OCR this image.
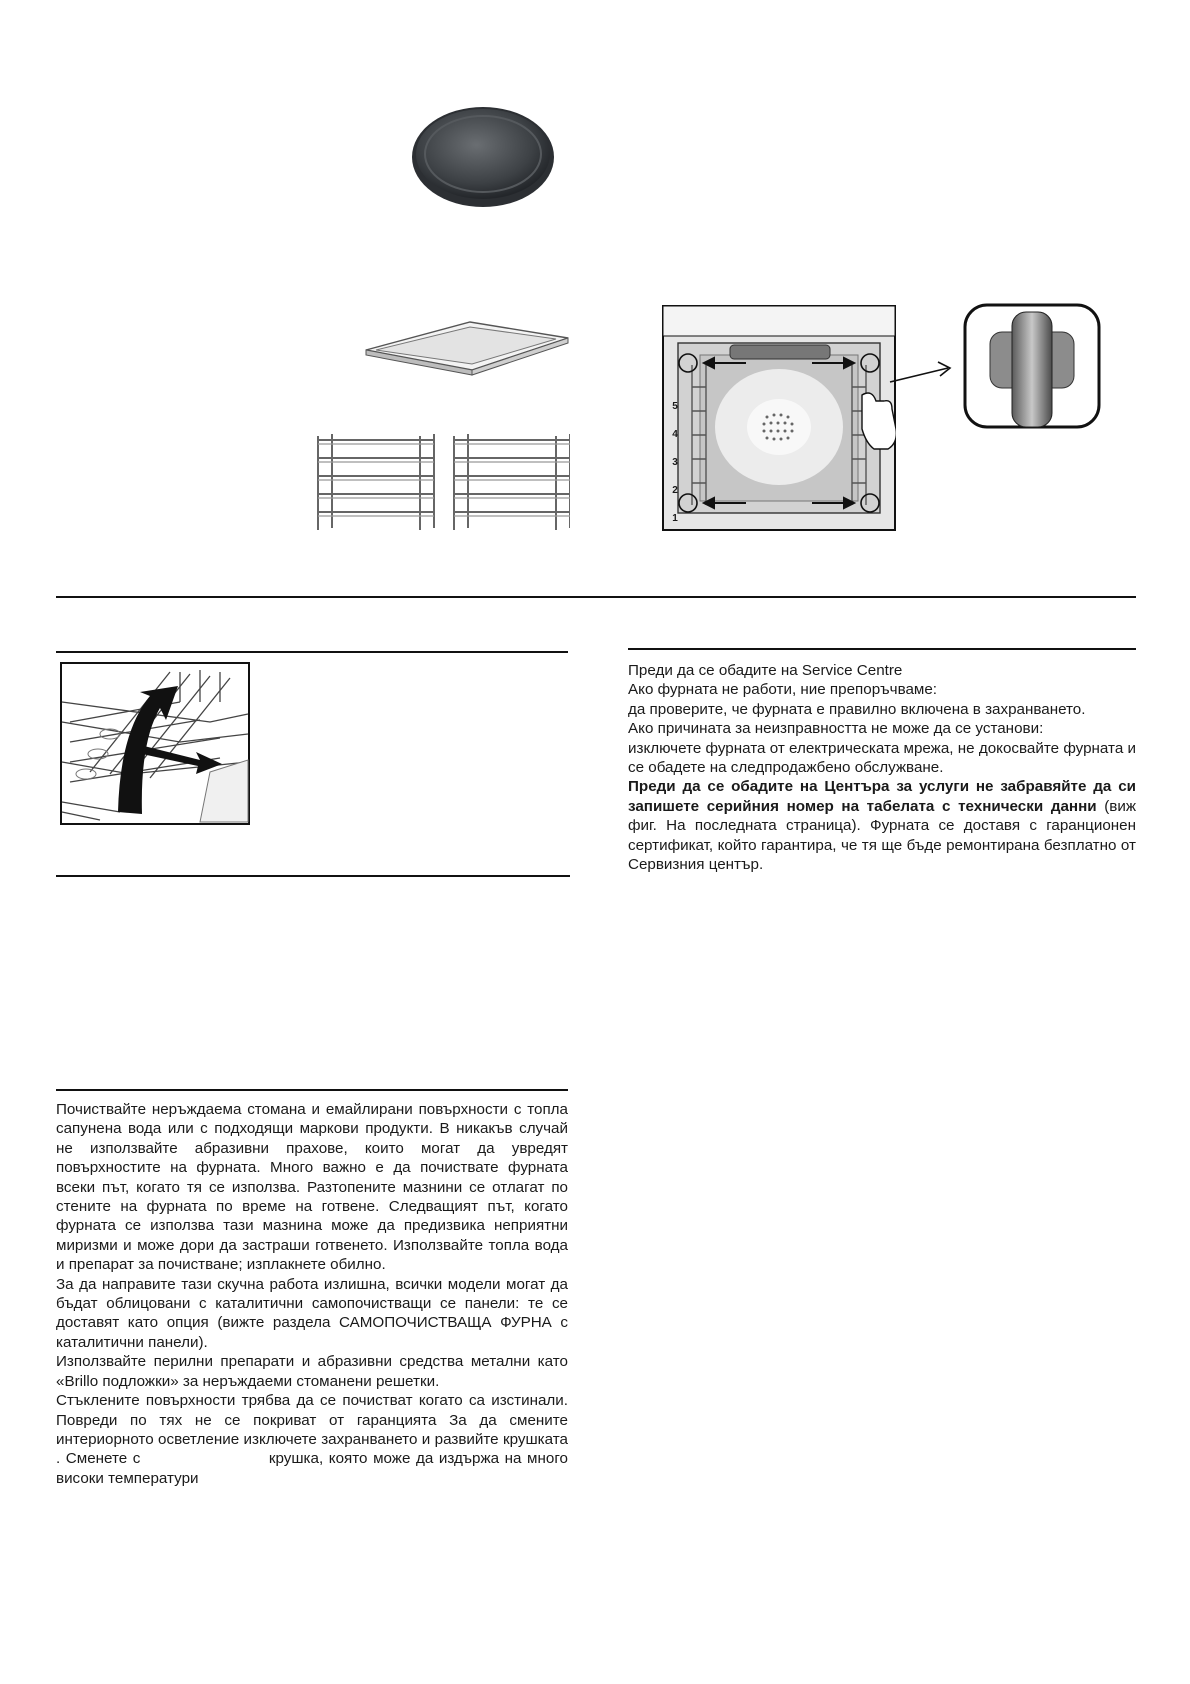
5
4
3
2
1

Преди да се обадите на Service Centre

Ако фурната не работи, ние препоръчваме:

да проверите, че фурната е правилно включена в захранването.

Ако причината за неизправността не може да се установи:

изключете фурната от електрическата мрежа, не докосвайте фурната и се обадете на следпродажбено обслужване.

Преди да се обадите на Центъра за услуги не забравяйте да си запишете серийния номер на табелата с технически данни (виж фиг. На последната страница). Фурната се доставя с гаранционен сертификат, който гарантира, че тя ще бъде ремонтирана безплатно от Сервизния център.

Почиствайте неръждаема стомана и емайлирани повърхности с топла сапунена вода или с подходящи маркови продукти. В никакъв случай не използвайте абразивни прахове, които могат да увредят повърхностите на фурната. Много важно е да почиствате фурната всеки път, когато тя се използва. Разтопените мазнини се отлагат по стените на фурната по време на готвене. Следващият път, когато фурната се използва тази мазнина може да предизвика неприятни миризми и може дори да застраши готвенето. Използвайте топла вода и препарат за почистване; изплакнете обилно.

За да направите тази скучна работа излишна, всички модели могат да бъдат облицовани с каталитични самопочистващи се панели: те се доставят като опция (вижте раздела САМОПОЧИСТВАЩА ФУРНА с каталитични панели).

Използвайте перилни препарати и абразивни средства метални като «Brillo подложки» за неръждаеми стоманени решетки.

Стъклените повърхности трябва да се почистват когато са изстинали. Повреди по тях не се покриват от гаранцията За да смените интериорното осветление изключете захранването и развийте крушката . Сменете с                       крушка, която може да издържа на много високи температури
